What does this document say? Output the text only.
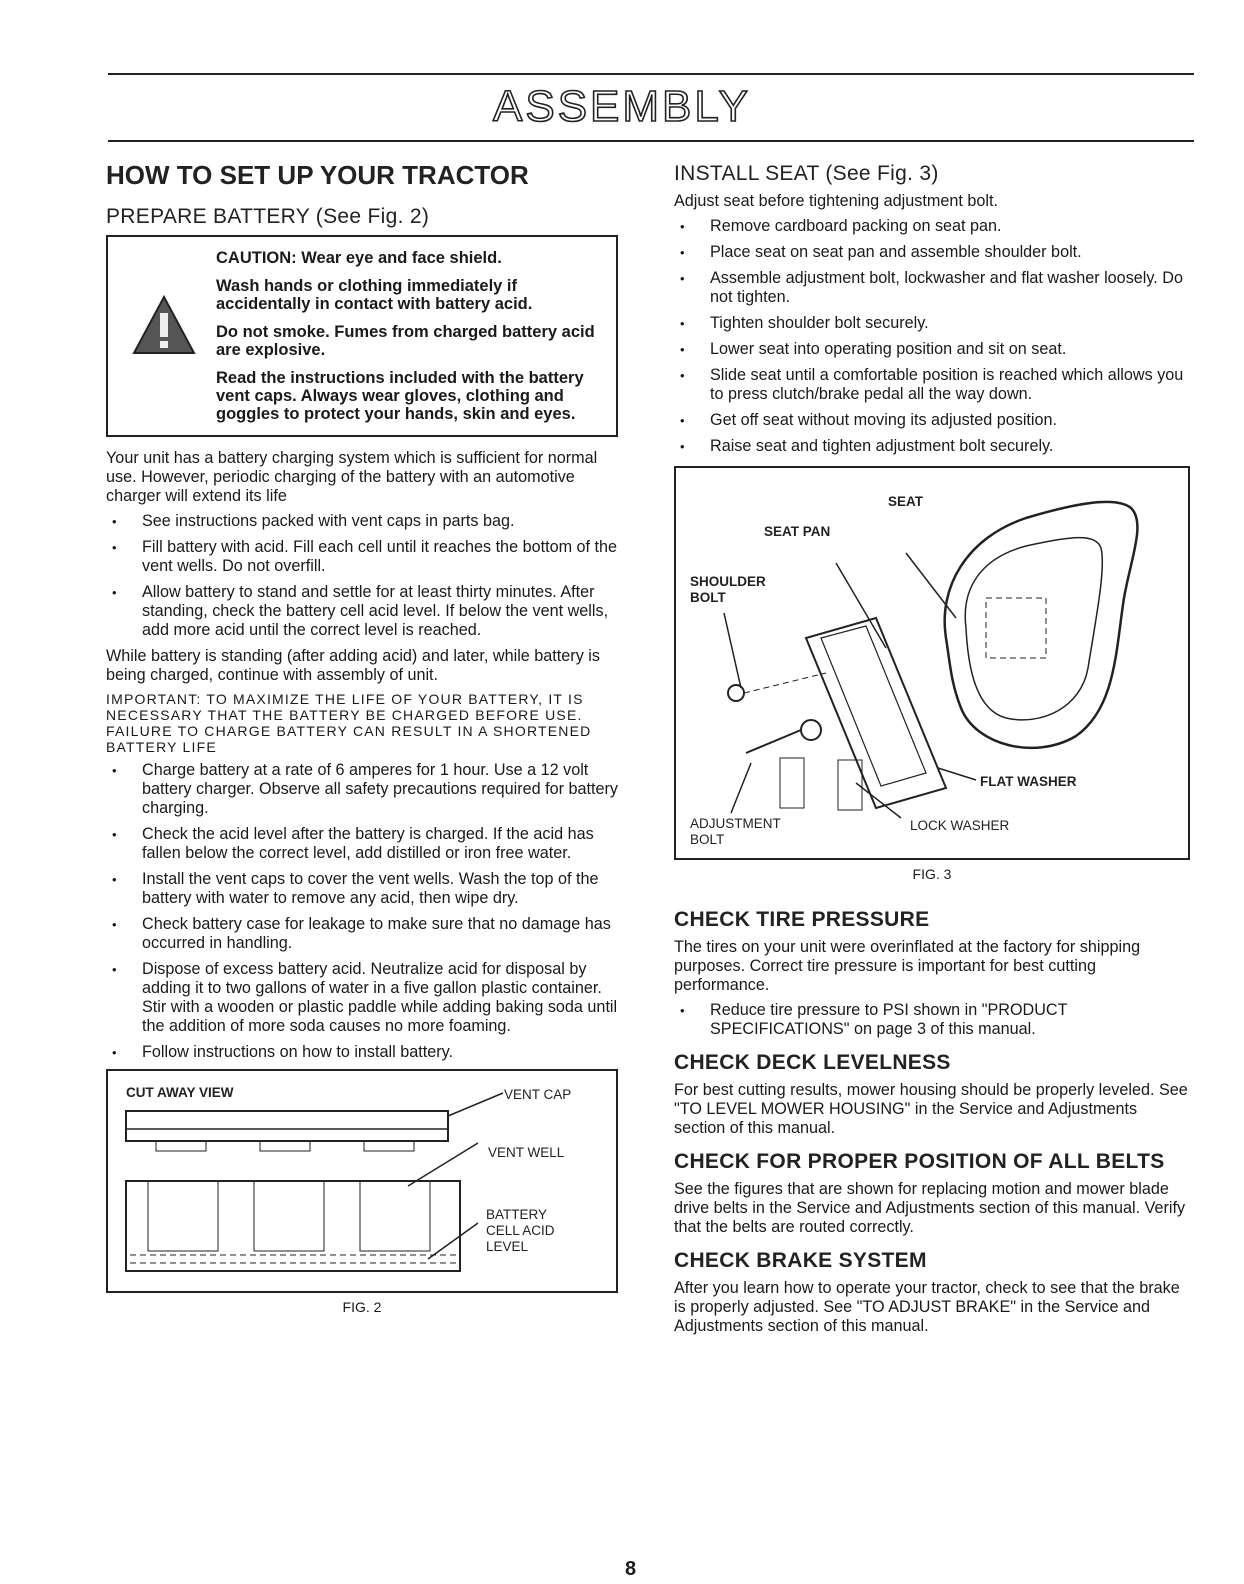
ASSEMBLY
HOW TO SET UP YOUR TRACTOR
PREPARE BATTERY (See Fig. 2)

CAUTION: Wear eye and face shield.

Wash hands or clothing immediately if accidentally in contact with battery acid.

Do not smoke. Fumes from charged battery acid are explosive.

Read the instructions included with the battery vent caps. Always wear gloves, clothing and goggles to protect your hands, skin and eyes.

Your unit has a battery charging system which is sufficient for normal use. However, periodic charging of the battery with an automotive charger will extend its life

• See instructions packed with vent caps in parts bag.
• Fill battery with acid. Fill each cell until it reaches the bottom of the vent wells. Do not overfill.
• Allow battery to stand and settle for at least thirty minutes. After standing, check the battery cell acid level. If below the vent wells, add more acid until the correct level is reached.

While battery is standing (after adding acid) and later, while battery is being charged, continue with assembly of unit.

IMPORTANT: TO MAXIMIZE THE LIFE OF YOUR BATTERY, IT IS NECESSARY THAT THE BATTERY BE CHARGED BEFORE USE. FAILURE TO CHARGE BATTERY CAN RESULT IN A SHORTENED BATTERY LIFE

• Charge battery at a rate of 6 amperes for 1 hour. Use a 12 volt battery charger. Observe all safety precautions required for battery charging.
• Check the acid level after the battery is charged. If the acid has fallen below the correct level, add distilled or iron free water.
• Install the vent caps to cover the vent wells. Wash the top of the battery with water to remove any acid, then wipe dry.
• Check battery case for leakage to make sure that no damage has occurred in handling.
• Dispose of excess battery acid. Neutralize acid for disposal by adding it to two gallons of water in a five gallon plastic container. Stir with a wooden or plastic paddle while adding baking soda until the addition of more soda causes no more foaming.
• Follow instructions on how to install battery.
CUT AWAY VIEW	VENT CAP
VENT WELL
BATTERY
CELL ACID
LEVEL
FIG. 2
INSTALL SEAT (See Fig. 3)

Adjust seat before tightening adjustment bolt.

• Remove cardboard packing on seat pan.
• Place seat on seat pan and assemble shoulder bolt.
• Assemble adjustment bolt, lockwasher and flat washer loosely. Do not tighten.
• Tighten shoulder bolt securely.
• Lower seat into operating position and sit on seat.
• Slide seat until a comfortable position is reached which allows you to press clutch/brake pedal all the way down.
• Get off seat without moving its adjusted position.
• Raise seat and tighten adjustment bolt securely.
SEAT
SEAT PAN
SHOULDER
BOLT
FLAT WASHER
ADJUSTMENT
BOLT
LOCK WASHER
FIG. 3
CHECK TIRE PRESSURE

The tires on your unit were overinflated at the factory for shipping purposes. Correct tire pressure is important for best cutting performance.

• Reduce tire pressure to PSI shown in "PRODUCT SPECIFICATIONS" on page 3 of this manual.
CHECK DECK LEVELNESS

For best cutting results, mower housing should be properly leveled. See "TO LEVEL MOWER HOUSING" in the Service and Adjustments section of this manual.

CHECK FOR PROPER POSITION OF ALL BELTS

See the figures that are shown for replacing motion and mower blade drive belts in the Service and Adjustments section of this manual. Verify that the belts are routed correctly.

CHECK BRAKE SYSTEM

After you learn how to operate your tractor, check to see that the brake is properly adjusted. See "TO ADJUST BRAKE" in the Service and Adjustments section of this manual.

8
